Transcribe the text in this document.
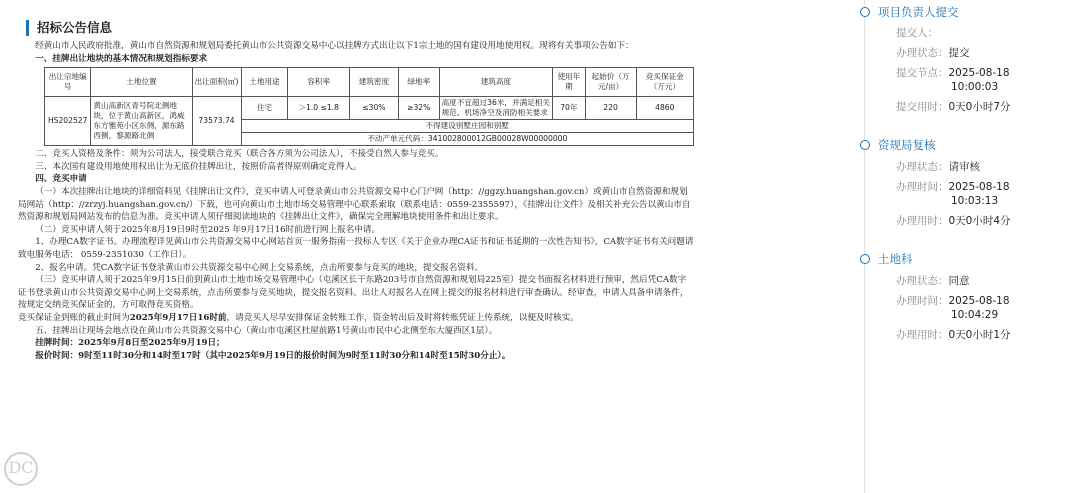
招标公告信息

经黄山市人民政府批准，黄山市自然资源和规划局委托黄山市公共资源交易中心以挂牌方式出让以下1宗土地的国有建设用地使用权。现将有关事项公告如下：

一、挂牌出让地块的基本情况和规划指标要求

出让宗地编号	土地位置	出让面积(㎡)	土地用途	容积率	建筑密度	绿地率	建筑高度	使用年期	起始价（万元/亩）	竞买保证金（万元）
HS202527	黄山高新区青号院北侧地块，位于黄山高新区，鸿威东方雅苑小区东侧，源东路西侧，黎源路北侧	73573.74	住宅	＞1.0 ≤1.8	≤30%	≥32%	高度不宜超过36米，并满足相关规范、机场净空及消防相关要求	70年	220	4860
			不得建设别墅庄园和别墅							
			不动产单元代码：341002800012GB00028W00000000							

二、竞买人资格及条件：须为公司法人，接受联合竞买（联合各方须为公司法人），不接受自然人参与竞买。

三、本次国有建设用地使用权出让为无底价挂牌出让，按照价高者得原则确定竞得人。

四、竞买申请

（一）本次挂牌出让地块的详细资料见《挂牌出让文件》，竞买申请人可登录黄山市公共资源交易中心门户网（http：//ggzy.huangshan.gov.cn）或黄山市自然资源和规划局网站（http：//zrzyj.huangshan.gov.cn/）下载，也可向黄山市土地市场交易管理中心联系索取（联系电话：0559-2355597），《挂牌出让文件》及相关补充公告以黄山市自然资源和规划局网站发布的信息为准。竞买申请人须仔细阅读地块的《挂牌出让文件》，确保完全理解地块使用条件和出让要求。

（二）竞买申请人须于2025年8月19日9时至2025 年9月17日16时前进行网上报名申请。

1、办理CA数字证书。办理流程详见黄山市公共资源交易中心网站首页一服务指南一投标人专区《关于企业办理CA证书和证书延期的一次性告知书》，CA数字证书有关问题请致电服务电话： 0559-2351030（工作日）。

2、报名申请。凭CA数字证书登录黄山市公共资源交易中心网上交易系统，点击所要参与竞买的地块，提交报名资料。

（三）竞买申请人须于2025年9月15日前到黄山市土地市场交易管理中心（屯溪区长干东路203号市自然资源和规划局225室）提交书面报名材料进行预审，然后凭CA数字证书登录黄山市公共资源交易中心网上交易系统，点击所要参与竞买地块，提交报名资料。出让人对报名人在网上提交的报名材料进行审查确认。经审查，申请人具备申请条件，按规定交纳竞买保证金的，方可取得竞买资格。

竞买保证金到账的截止时间为2025年9月17日16时前，请竞买人尽早安排保证金转账工作，资金转出后及时将转账凭证上传系统，以便及时核实。

五、挂牌出让现场会地点设在黄山市公共资源交易中心（黄山市屯溪区杜屋前路1号黄山市民中心北侧至东大厦西区1层）。

挂牌时间：2025年9月8日至2025年9月19日；

报价时间：9时至11时30分和14时至17时（其中2025年9月19日的报价时间为9时至11时30分和14时至15时30分止）。

DC
项目负责人提交
提交人：
办理状态：提交
提交节点：2025-08-18
10:00:03
提交用时：0天0小时7分
资规局复核
办理状态：请审核
办理时间：2025-08-18
10:03:13
办理用时：0天0小时4分
土地科
办理状态：同意
办理时间：2025-08-18
10:04:29
办理用时：0天0小时1分
